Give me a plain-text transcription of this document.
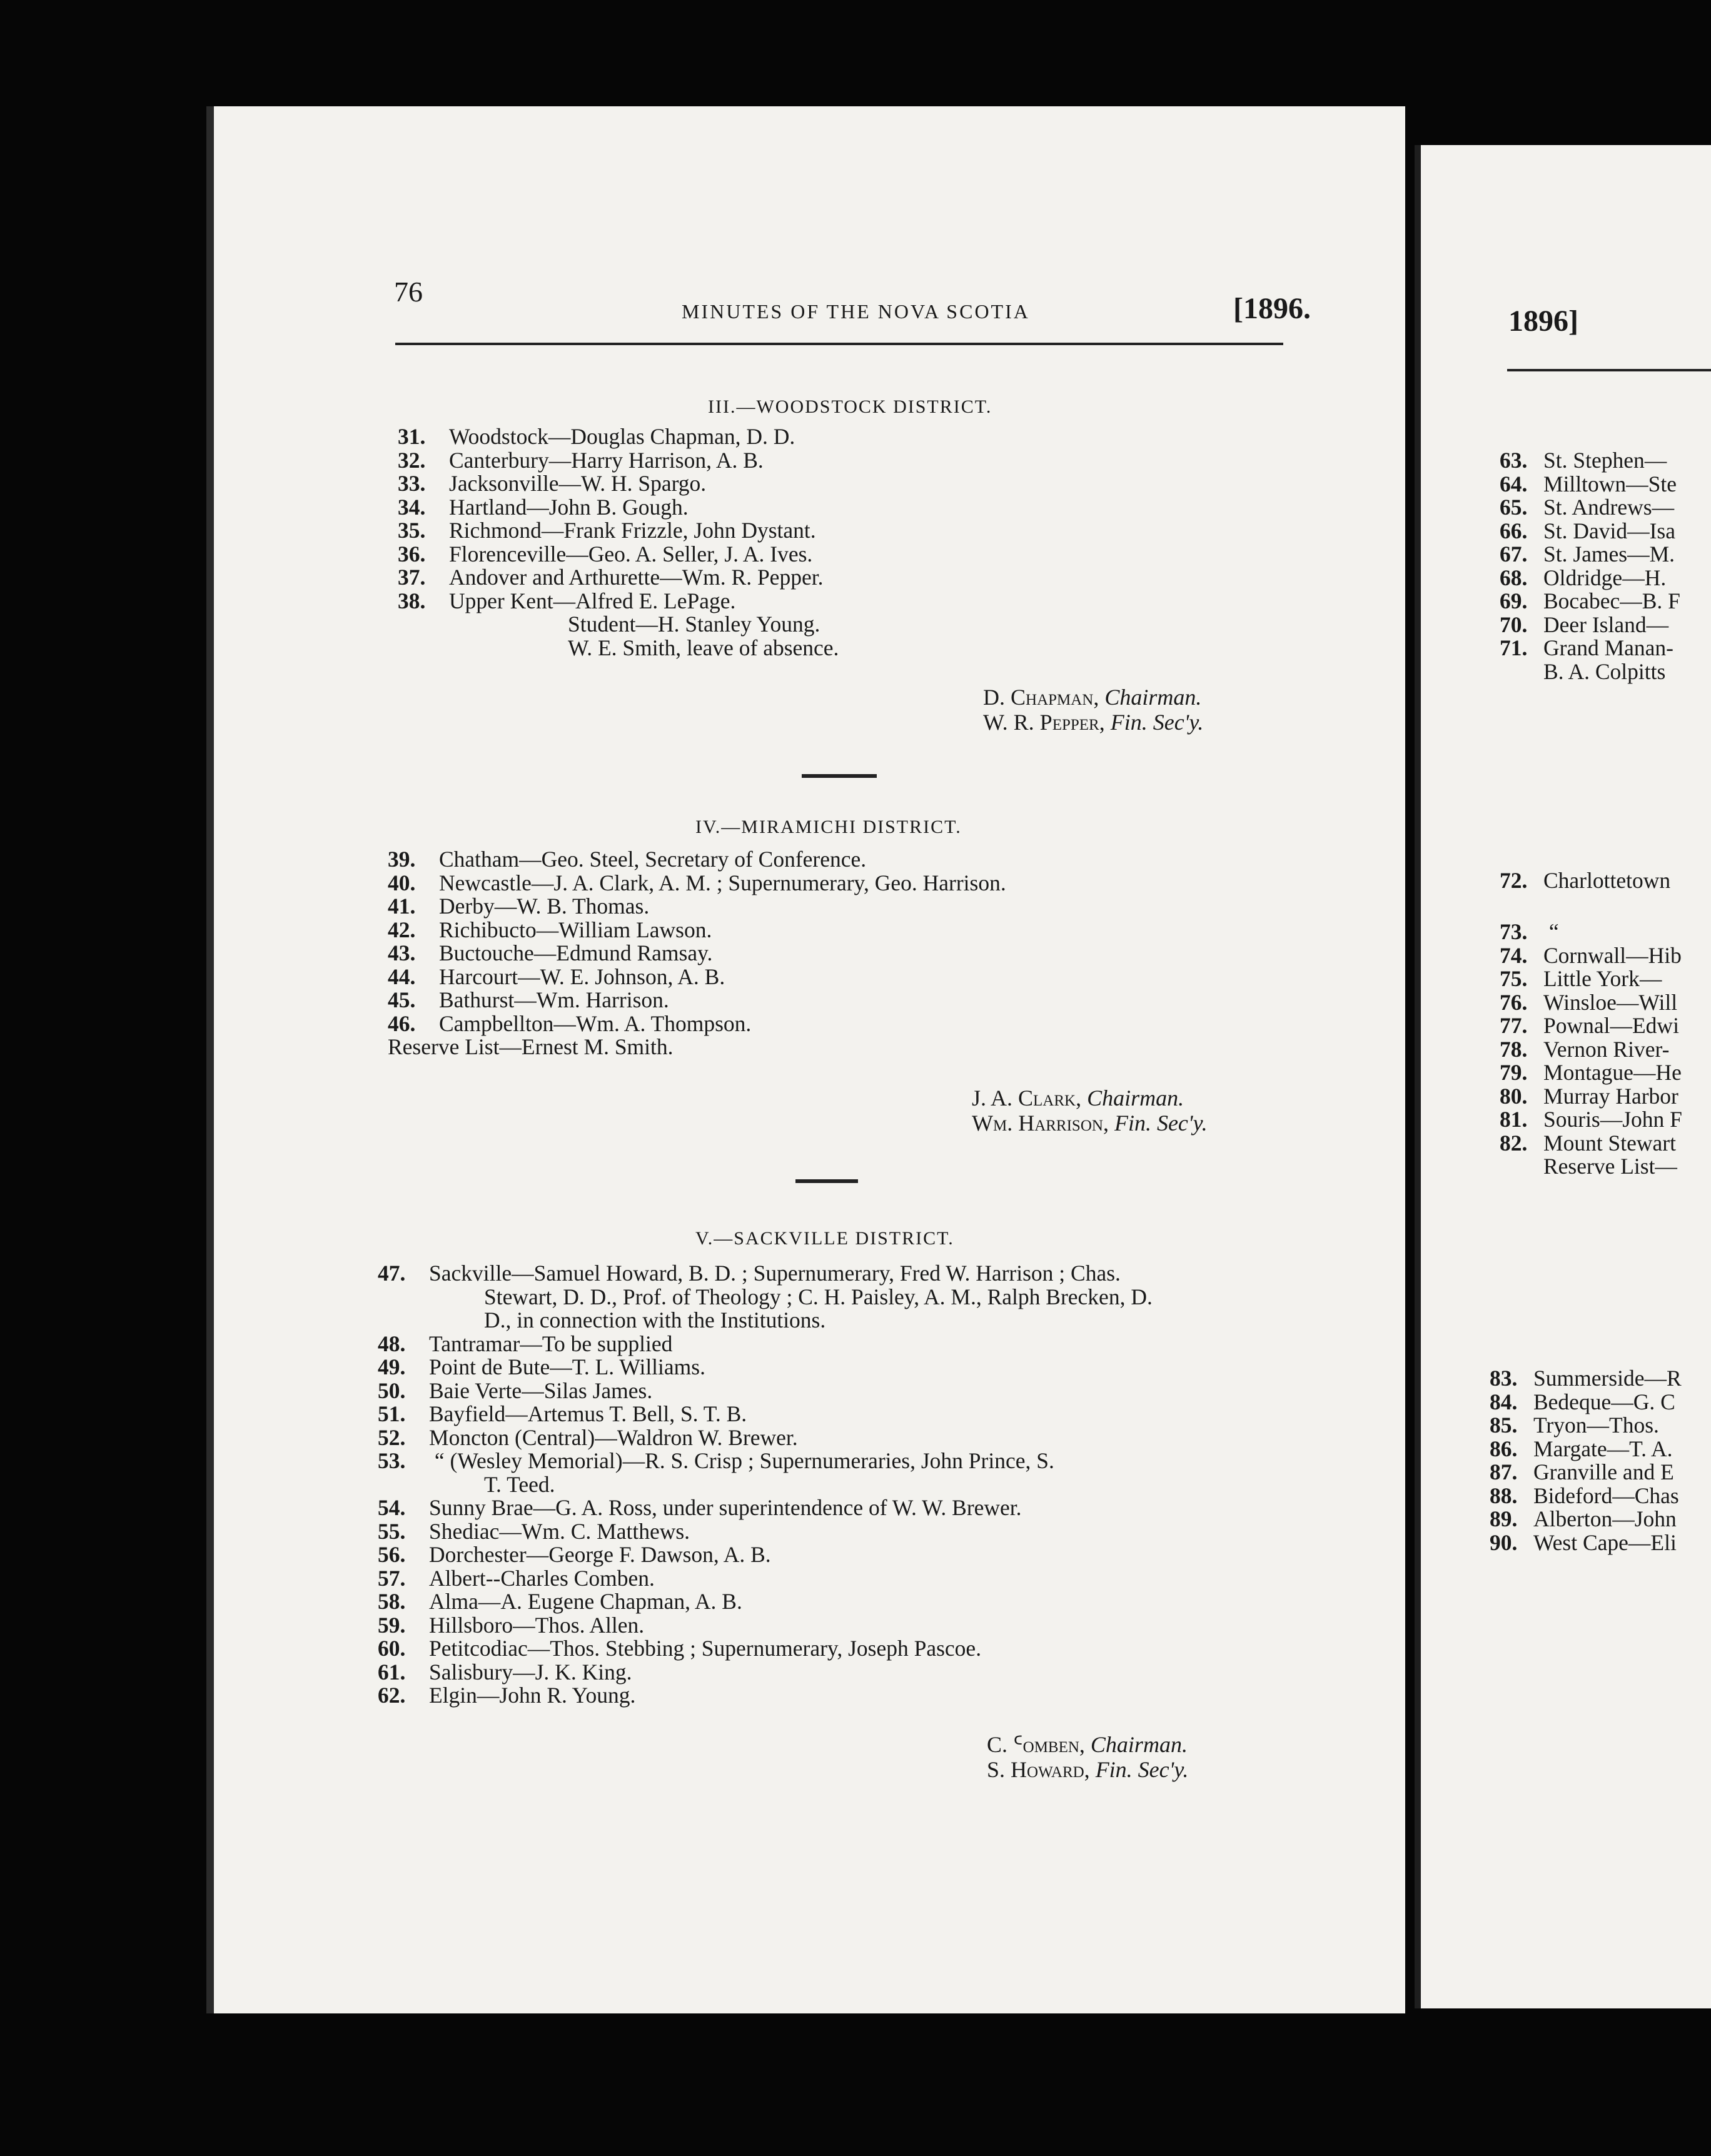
76
MINUTES OF THE NOVA SCOTIA	[1896.
III.—WOODSTOCK DISTRICT.
31. Woodstock—Douglas Chapman, D. D.
32. Canterbury—Harry Harrison, A. B.
33. Jacksonville—W. H. Spargo.
34. Hartland—John B. Gough.
35. Richmond—Frank Frizzle, John Dystant.
36. Florenceville—Geo. A. Seller, J. A. Ives.
37. Andover and Arthurette—Wm. R. Pepper.
38. Upper Kent—Alfred E. LePage.
Student—H. Stanley Young.
W. E. Smith, leave of absence.
D. Chapman, Chairman.
W. R. Pepper, Fin. Sec'y.
IV.—MIRAMICHI DISTRICT.
39. Chatham—Geo. Steel, Secretary of Conference.
40. Newcastle—J. A. Clark, A. M. ; Supernumerary, Geo. Harrison.
41. Derby—W. B. Thomas.
42. Richibucto—William Lawson.
43. Buctouche—Edmund Ramsay.
44. Harcourt—W. E. Johnson, A. B.
45. Bathurst—Wm. Harrison.
46. Campbellton—Wm. A. Thompson.
Reserve List—Ernest M. Smith.
J. A. Clark, Chairman.
Wm. Harrison, Fin. Sec'y.
V.—SACKVILLE DISTRICT.
47. Sackville—Samuel Howard, B. D. ; Supernumerary, Fred W. Harrison ; Chas.
Stewart, D. D., Prof. of Theology ; C. H. Paisley, A. M., Ralph Brecken, D.
D., in connection with the Institutions.
48. Tantramar—To be supplied
49. Point de Bute—T. L. Williams.
50. Baie Verte—Silas James.
51. Bayfield—Artemus T. Bell, S. T. B.
52. Moncton (Central)—Waldron W. Brewer.
53. “ (Wesley Memorial)—R. S. Crisp ; Supernumeraries, John Prince, S.
T. Teed.
54. Sunny Brae—G. A. Ross, under superintendence of W. W. Brewer.
55. Shediac—Wm. C. Matthews.
56. Dorchester—George F. Dawson, A. B.
57. Albert--Charles Comben.
58. Alma—A. Eugene Chapman, A. B.
59. Hillsboro—Thos. Allen.
60. Petitcodiac—Thos. Stebbing ; Supernumerary, Joseph Pascoe.
61. Salisbury—J. K. King.
62. Elgin—John R. Young.
C. ᑦomben, Chairman.
S. Howard, Fin. Sec'y.
1896]
63. St. Stephen—
64. Milltown—Ste
65. St. Andrews—
66. St. David—Isa
67. St. James—M.
68. Oldridge—H.
69. Bocabec—B. F
70. Deer Island—
71. Grand Manan-
B. A. Colpitts
72. Charlottetown
73. “
74. Cornwall—Hib
75. Little York—
76. Winsloe—Will
77. Pownal—Edwi
78. Vernon River-
79. Montague—He
80. Murray Harbor
81. Souris—John F
82. Mount Stewart
Reserve List—
83. Summerside—R
84. Bedeque—G. C
85. Tryon—Thos.
86. Margate—T. A.
87. Granville and E
88. Bideford—Chas
89. Alberton—John
90. West Cape—Eli
